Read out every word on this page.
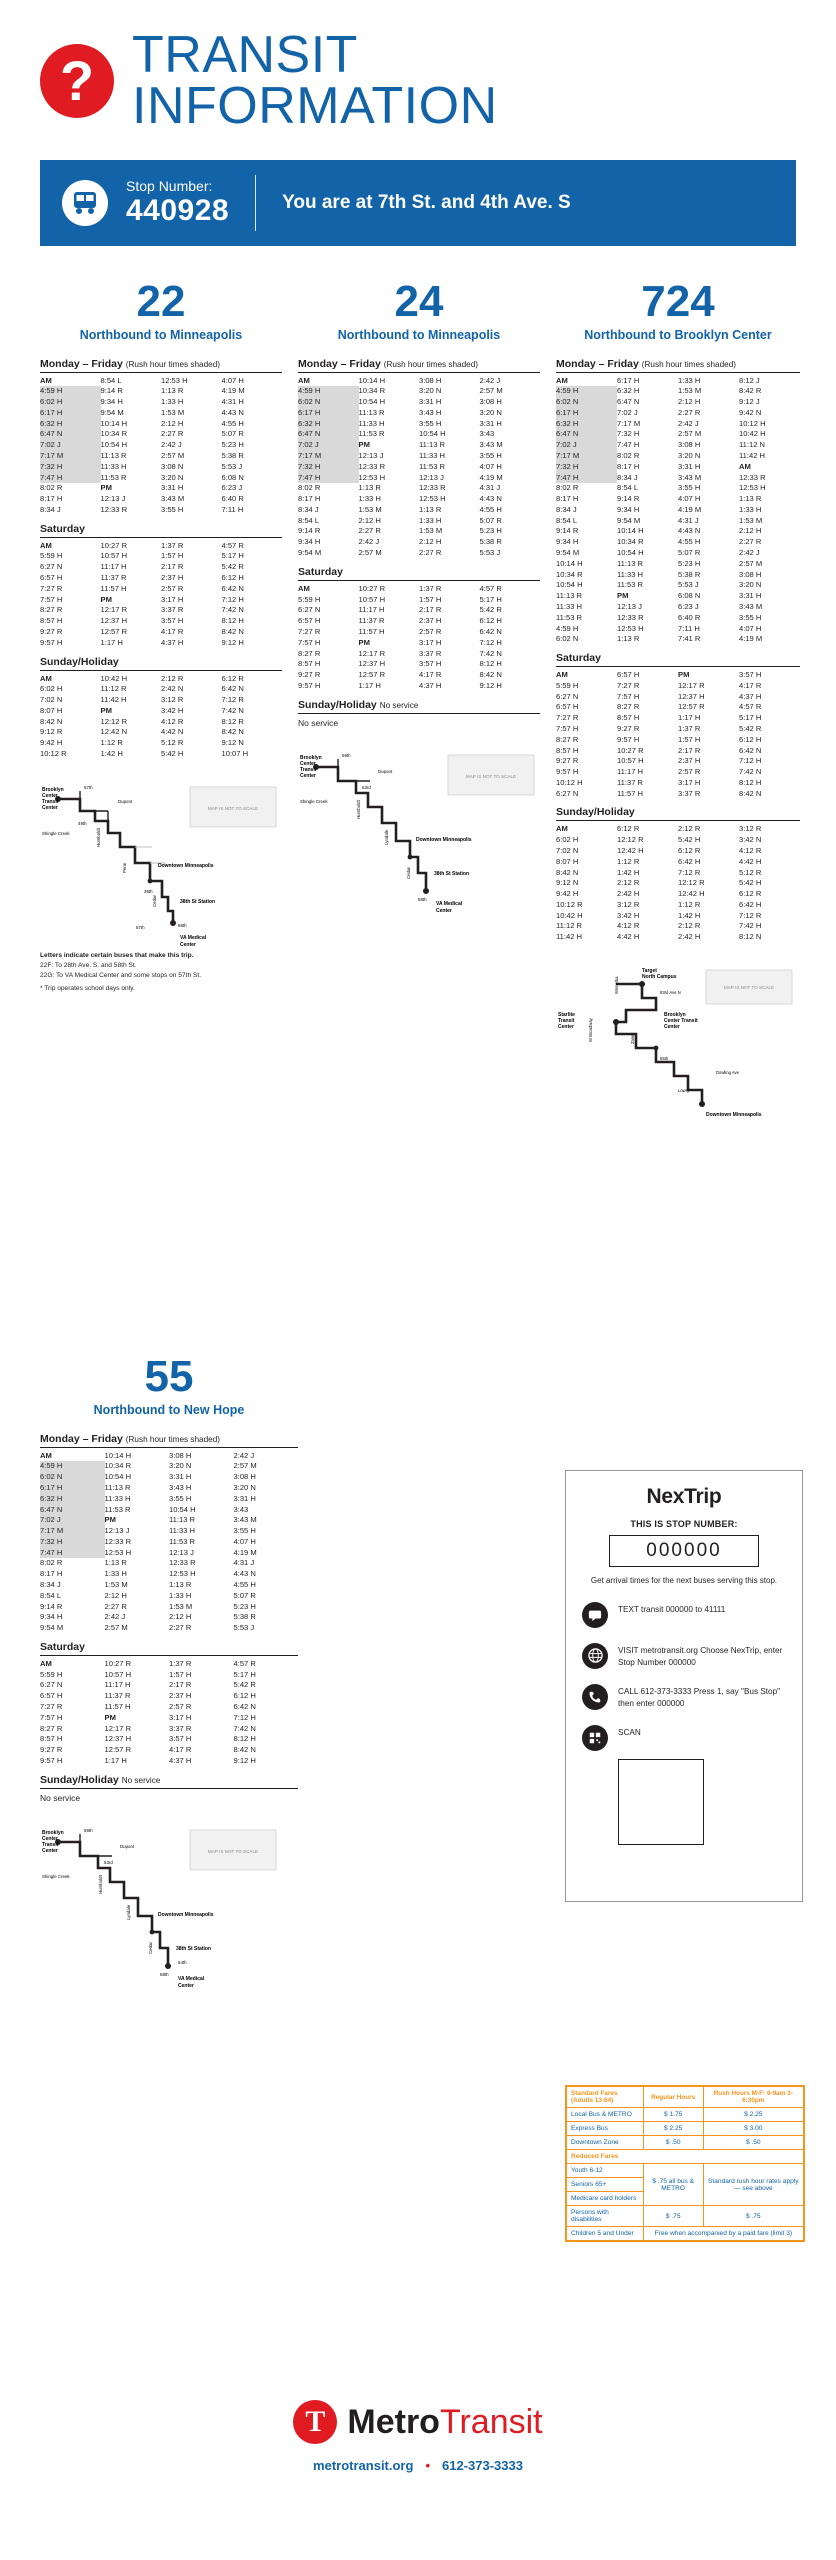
? TRANSIT
INFORMATION
Stop Number:
440928	You are at 7th St. and 4th Ave. S
22
Northbound to Minneapolis
Monday – Friday (Rush hour times shaded)
AM	8:54 L	12:53 H	4:07 H
4:59 H	9:14 R	1:13 R	4:19 M
6:02 H	9:34 H	1:33 H	4:31 H
6:17 H	9:54 M	1:53 M	4:43 N
6:32 H	10:14 H	2:12 H	4:55 H
6:47 N	10:34 R	2:27 R	5:07 R
7:02 J	10:54 H	2:42 J	5:23 H
7:17 M	11:13 R	2:57 M	5:38 R
7:32 H	11:33 H	3:08 N	5:53 J
7:47 H	11:53 R	3:20 N	6:08 N
8:02 R	PM	3:31 H	6:23 J
8:17 H	12:13 J	3:43 M	6:40 R
8:34 J	12:33 R	3:55 H	7:11 H
Saturday
AM	10:27 R	1:37 R	4:57 R
5:59 H	10:57 H	1:57 H	5:17 H
6:27 N	11:17 H	2:17 R	5:42 R
6:57 H	11:37 R	2:37 H	6:12 H
7:27 R	11:57 H	2:57 R	6:42 N
7:57 H	PM	3:17 H	7:12 H
8:27 R	12:17 R	3:37 R	7:42 N
8:57 H	12:37 H	3:57 H	8:12 H
9:27 R	12:57 R	4:17 R	8:42 N
9:57 H	1:17 H	4:37 H	9:12 H
Sunday/Holiday
AM	10:42 H	2:12 R	6:12 R
6:02 H	11:12 R	2:42 N	6:42 N
7:02 N	11:42 H	3:12 R	7:12 R
8:07 H	PM	3:42 H	7:42 N
8:42 N	12:12 R	4:12 R	8:12 R
9:12 R	12:42 N	4:42 N	8:42 N
9:42 H	1:12 R	5:12 R	9:12 N
10:12 R	1:42 H	5:42 H	10:07 H
MAP IS NOT TO SCALE
Brooklyn
Center
Transit
Center
57th
Dupont
49th
Shingle Creek	Humboldt
Penn	Downtown Minneapolis
35th
Cedar	38th St Station
57th	58th
VA Medical
Center
Letters indicate certain buses that make this trip.
22F: To 28th Ave. S. and 58th St.
22G: To VA Medical Center and some stops on 57th St.
* Trip operates school days only.
24
Northbound to Minneapolis
Monday – Friday (Rush hour times shaded)
AM	10:14 H	3:08 H	2:42 J
4:59 H	10:34 R	3:20 N	2:57 M
6:02 N	10:54 H	3:31 H	3:08 H
6:17 H	11:13 R	3:43 H	3:20 N
6:32 H	11:33 H	3:55 H	3:31 H
6:47 N	11:53 R	10:54 H	3:43
7:02 J	PM	11:13 R	3:43 M
7:17 M	12:13 J	11:33 H	3:55 H
7:32 H	12:33 R	11:53 R	4:07 H
7:47 H	12:53 H	12:13 J	4:19 M
8:02 R	1:13 R	12:33 R	4:31 J
8:17 H	1:33 H	12:53 H	4:43 N
8:34 J	1:53 M	1:13 R	4:55 H
8:54 L	2:12 H	1:33 H	5:07 R
9:14 R	2:27 R	1:53 M	5:23 H
9:34 H	2:42 J	2:12 H	5:38 R
9:54 M	2:57 M	2:27 R	5:53 J
Saturday
AM	10:27 R	1:37 R	4:57 R
5:59 H	10:57 H	1:57 H	5:17 H
6:27 N	11:17 H	2:17 R	5:42 R
6:57 H	11:37 R	2:37 H	6:12 H
7:27 R	11:57 H	2:57 R	6:42 N
7:57 H	PM	3:17 H	7:12 H
8:27 R	12:17 R	3:37 R	7:42 N
8:57 H	12:37 H	3:57 H	8:12 H
9:27 R	12:57 R	4:17 R	8:42 N
9:57 H	1:17 H	4:37 H	9:12 H
Sunday/Holiday No service
No service
MAP IS NOT TO SCALE
Brooklyn
Center
Transit
Center
59th
Dupont
53rd
Shingle Creek	Humboldt
Lyndale	Downtown Minneapolis
Cedar	38th St Station
58th
VA Medical
Center
724
Northbound to Brooklyn Center
Monday – Friday (Rush hour times shaded)
AM	6:17 H	1:33 H	8:12 J
4:59 H	6:32 H	1:53 M	8:42 R
6:02 N	6:47 N	2:12 H	9:12 J
6:17 H	7:02 J	2:27 R	9:42 N
6:32 H	7:17 M	2:42 J	10:12 H
6:47 N	7:32 H	2:57 M	10:42 H
7:02 J	7:47 H	3:08 H	11:12 N
7:17 M	8:02 R	3:20 N	11:42 H
7:32 H	8:17 H	3:31 H	AM
7:47 H	8:34 J	3:43 M	12:33 R
8:02 R	8:54 L	3:55 H	12:53 H
8:17 H	9:14 R	4:07 H	1:13 R
8:34 J	9:34 H	4:19 M	1:33 H
8:54 L	9:54 M	4:31 J	1:53 M
9:14 R	10:14 H	4:43 N	2:12 H
9:34 H	10:34 R	4:55 H	2:27 R
9:54 M	10:54 H	5:07 R	2:42 J
10:14 H	11:13 R	5:23 H	2:57 M
10:34 R	11:33 H	5:38 R	3:08 H
10:54 H	11:53 R	5:53 J	3:20 N
11:13 R	PM	6:08 N	3:31 H
11:33 H	12:13 J	6:23 J	3:43 M
11:53 R	12:33 R	6:40 R	3:55 H
4:59 H	12:53 H	7:11 H	4:07 H
6:02 N	1:13 R	7:41 R	4:19 M
Saturday
AM	6:57 H	PM	3:57 H
5:59 H	7:27 R	12:17 R	4:17 R
6:27 N	7:57 H	12:37 H	4:37 H
6:57 H	8:27 R	12:57 R	4:57 R
7:27 R	8:57 H	1:17 H	5:17 H
7:57 H	9:27 R	1:37 R	5:42 R
8:27 R	9:57 H	1:57 H	6:12 H
8:57 H	10:27 R	2:17 R	6:42 N
9:27 R	10:57 H	2:37 H	7:12 H
9:57 H	11:17 H	2:57 R	7:42 N
10:12 H	11:37 R	3:17 H	8:12 H
6:27 N	11:57 H	3:37 R	8:42 N
Sunday/Holiday
AM	6:12 R	2:12 R	3:12 R
6:02 H	12:12 R	5:42 H	3:42 N
7:02 N	12:42 H	6:12 R	4:12 R
8:07 H	1:12 R	6:42 H	4:42 H
8:42 N	1:42 H	7:12 R	5:12 R
9:12 N	2:12 R	12:12 R	5:42 H
9:42 H	2:42 H	12:42 H	6:12 R
10:12 R	3:12 R	1:12 R	6:42 H
10:42 H	3:42 H	1:42 H	7:12 R
11:12 R	4:12 R	2:12 R	7:42 H
11:42 H	4:42 H	2:42 H	8:12 N
MAP IS NOT TO SCALE
Target
North Campus
Winnetka	83rd Ave N
Starlite
Transit
Center
Brooklyn
Center Transit
Center
W Broadway	Zane
55th
Dowling Ave
Lowry
Downtown Minneapolis
55
Northbound to New Hope
Monday – Friday (Rush hour times shaded)
AM	10:14 H	3:08 H	2:42 J
4:59 H	10:34 R	3:20 N	2:57 M
6:02 N	10:54 H	3:31 H	3:08 H
6:17 H	11:13 R	3:43 H	3:20 N
6:32 H	11:33 H	3:55 H	3:31 H
6:47 N	11:53 R	10:54 H	3:43
7:02 J	PM	11:13 R	3:43 M
7:17 M	12:13 J	11:33 H	3:55 H
7:32 H	12:33 R	11:53 R	4:07 H
7:47 H	12:53 H	12:13 J	4:19 M
8:02 R	1:13 R	12:33 R	4:31 J
8:17 H	1:33 H	12:53 H	4:43 N
8:34 J	1:53 M	1:13 R	4:55 H
8:54 L	2:12 H	1:33 H	5:07 R
9:14 R	2:27 R	1:53 M	5:23 H
9:34 H	2:42 J	2:12 H	5:38 R
9:54 M	2:57 M	2:27 R	5:53 J
Saturday
AM	10:27 R	1:37 R	4:57 R
5:59 H	10:57 H	1:57 H	5:17 H
6:27 N	11:17 H	2:17 R	5:42 R
6:57 H	11:37 R	2:37 H	6:12 H
7:27 R	11:57 H	2:57 R	6:42 N
7:57 H	PM	3:17 H	7:12 H
8:27 R	12:17 R	3:37 R	7:42 N
8:57 H	12:37 H	3:57 H	8:12 H
9:27 R	12:57 R	4:17 R	8:42 N
9:57 H	1:17 H	4:37 H	9:12 H
Sunday/Holiday No service
No service
MAP IS NOT TO SCALE
Brooklyn
Center
Transit
Center
59th
Dupont
53rd
Shingle Creek	Humboldt
Lyndale	Downtown Minneapolis
Cedar	38th St Station
54th
58th
VA Medical
Center
NexTrip
THIS IS STOP NUMBER:
000000
Get arrival times for the next buses serving this stop.
TEXT transit 000000 to 41111
VISIT metrotransit.org Choose NexTrip, enter Stop Number 000000
CALL 612-373-3333 Press 1, say "Bus Stop" then enter 000000
SCAN
Standard Fares (Adults 13-64)	Regular Hours	Rush Hours M-F: 6-9am 3-6:30pm
Local Bus & METRO	$ 1.75	$ 2.25
Express Bus	$ 2.25	$ 3.00
Downtown Zone	$ .50	$ .50
Reduced Fares		
Youth 6-12	$ .75 all bus & METRO	Standard rush hour rates apply — see above
Seniors 65+		
Medicare card holders		
Persons with disabilities	$ .75	$ .75
Children 5 and Under	Free when accompanied by a paid fare (limit 3)	
T MetroTransit
metrotransit.org • 612-373-3333
